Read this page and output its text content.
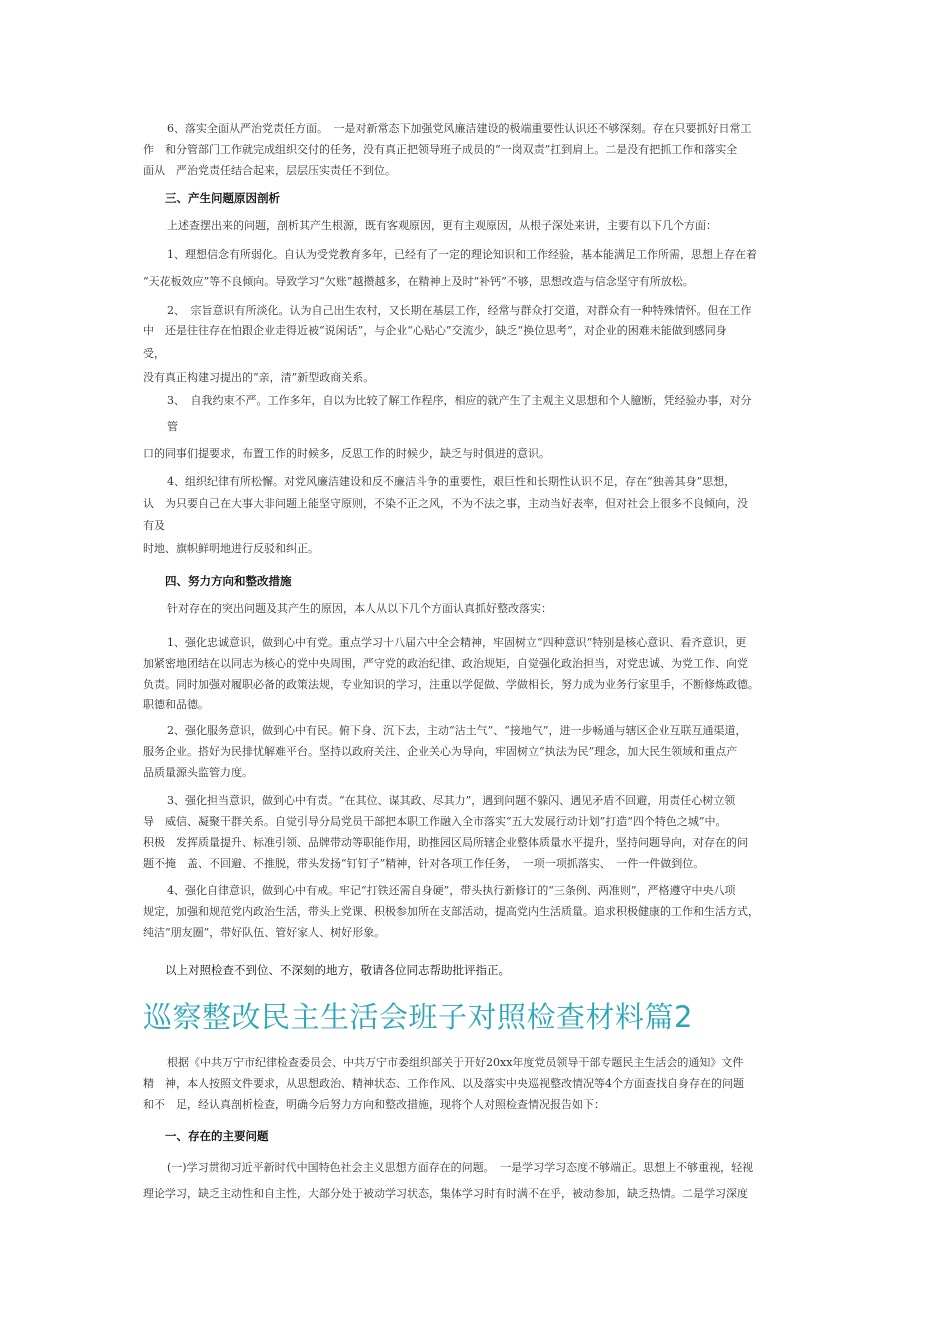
6、落实全面从严治党责任方面。　一是对新常态下加强党风廉洁建设的极端重要性认识还不够深刻。存在只要抓好日常工

作　和分管部门工作就完成组织交付的任务，没有真正把领导班子成员的“一岗双责”扛到肩上。二是没有把抓工作和落实全

面从　严治党责任结合起来，层层压实责任不到位。

三、产生问题原因剖析

上述查摆出来的问题，剖析其产生根源，既有客观原因，更有主观原因，从根子深处来讲，主要有以下几个方面：

1、理想信念有所弱化。自认为受党教育多年，已经有了一定的理论知识和工作经验，基本能满足工作所需，思想上存在着

“天花板效应”等不良倾向。导致学习“欠账”越攒越多，在精神上及时“补钙”不够，思想改造与信念坚守有所放松。

2、　宗旨意识有所淡化。认为自己出生农村，又长期在基层工作，经常与群众打交道，对群众有一种特殊情怀。但在工作

中　还是往往存在怕跟企业走得近被“说闲话”，与企业“心贴心”交流少，缺乏“换位思考”，对企业的困难未能做到感同身

受，

没有真正构建习提出的“亲，清”新型政商关系。

3、　自我约束不严。工作多年，自以为比较了解工作程序，相应的就产生了主观主义思想和个人臆断，凭经验办事，对分

管

口的同事们提要求，布置工作的时候多，反思工作的时候少，缺乏与时俱进的意识。

4、组织纪律有所松懈。对党风廉洁建设和反不廉洁斗争的重要性，艰巨性和长期性认识不足，存在“独善其身”思想，

认　为只要自己在大事大非问题上能坚守原则，不染不正之风，不为不法之事，主动当好表率，但对社会上很多不良倾向，没

有及

时地、旗帜鲜明地进行反驳和纠正。

四、努力方向和整改措施

针对存在的突出问题及其产生的原因，本人从以下几个方面认真抓好整改落实：

1、强化忠诚意识，做到心中有党。重点学习十八届六中全会精神，牢固树立“四种意识”特别是核心意识、看齐意识，更

加紧密地团结在以同志为核心的党中央周围，严守党的政治纪律、政治规矩，自觉强化政治担当，对党忠诚、为党工作、向党

负责。同时加强对履职必备的政策法规，专业知识的学习，注重以学促做、学做相长，努力成为业务行家里手，不断修炼政德。

职德和品德。

2、强化服务意识，做到心中有民。俯下身、沉下去，主动“沾土气”、“接地气”，进一步畅通与辖区企业互联互通渠道，

服务企业。搭好为民排忧解难平台。坚持以政府关注、企业关心为导向，牢固树立“执法为民”理念，加大民生领域和重点产

品质量源头监管力度。

3、强化担当意识，做到心中有责。“在其位、谋其政、尽其力”，遇到问题不躲闪、遇见矛盾不回避，用责任心树立领

导　威信、凝聚干群关系。自觉引导分局党员干部把本职工作融入全市落实“五大发展行动计划”打造“四个特色之城”中。

积极　发挥质量提升、标准引领、品牌带动等职能作用，助推园区局所辖企业整体质量水平提升，坚持问题导向，对存在的问

题不掩　盖、不回避、不推脱，带头发扬“钉钉子”精神，针对各项工作任务，　一项一项抓落实、　一件一件做到位。

4、强化自律意识，做到心中有戒。牢记“打铁还需自身硬”，带头执行新修订的“三条例、两准则”，严格遵守中央八项

规定，加强和规范党内政治生活，带头上党课、积极参加所在支部活动，提高党内生活质量。追求积极健康的工作和生活方式，

纯洁“朋友圈”，带好队伍、管好家人、树好形象。

以上对照检查不到位、不深刻的地方，敬请各位同志帮助批评指正。

巡察整改民主生活会班子对照检查材料篇2

根据《中共万宁市纪律检查委员会、中共万宁市委组织部关于开好20xx年度党员领导干部专题民主生活会的通知》文件

精　神，本人按照文件要求，从思想政治、精神状态、工作作风、以及落实中央巡视整改情况等4个方面查找自身存在的问题

和不　足，经认真剖析检查，明确今后努力方向和整改措施，现将个人对照检查情况报告如下：

一、存在的主要问题

(一)学习贯彻习近平新时代中国特色社会主义思想方面存在的问题。　一是学习学习态度不够端正。思想上不够重视，轻视

理论学习，缺乏主动性和自主性，大部分处于被动学习状态，集体学习时有时满不在乎，被动参加，缺乏热情。二是学习深度
